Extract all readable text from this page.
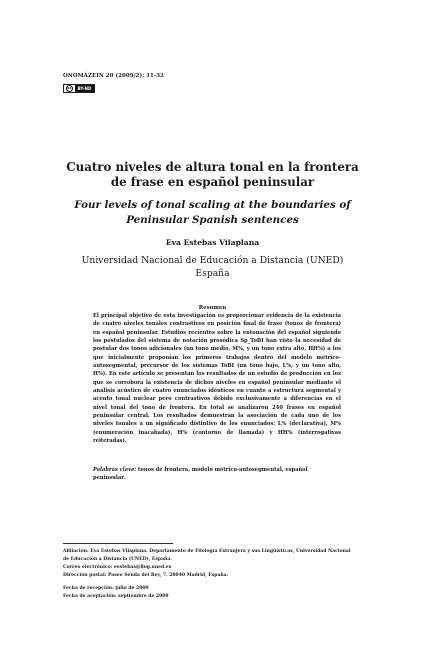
ONOMÁZEIN 20 (2009/2): 11-32
cc	BY-ND
Cuatro niveles de altura tonal en la frontera de frase en español peninsular
Four levels of tonal scaling at the boundaries of Peninsular Spanish sentences
Eva Estebas Vilaplana
Universidad Nacional de Educación a Distancia (UNED)
España
Resumen

El principal objetivo de esta investigación es proporcionar evidencia de la existencia de cuatro niveles tonales contrastivos en posición final de frase (tonos de frontera) en español peninsular. Estudios recientes sobre la entonación del español siguiendo los postulados del sistema de notación prosódica Sp_ToBI han visto la necesidad de postular dos tonos adicionales (un tono medio, M%, y un tono extra alto, HH%) a los que inicialmente proponían los primeros trabajos dentro del modelo métrico-autosegmental, precursor de los sistemas ToBI (un tono bajo, L%, y un tono alto, H%). En este artículo se presentan los resultados de un estudio de producción en los que se corrobora la existencia de dichos niveles en español peninsular mediante el análisis acústico de cuatro enunciados idénticos en cuanto a estructura segmental y acento tonal nuclear pero contrastivos debido exclusivamente a diferencias en el nivel tonal del tono de frontera. En total se analizaron 240 frases en español peninsular central. Los resultados demuestran la asociación de cada uno de los niveles tonales a un significado distintivo de los enunciados: L% (declarativa), M% (enumeración inacabada), H% (contorno de llamada) y HH% (interrogativas reiteradas).

Palabras clave: tonos de frontera, modelo métrico-autosegmental, español peninsular.

Afiliación: Eva Estebas Vilaplana. Departamento de Filología Extranjera y sus Lingüísticas, Universidad Nacional de Educación a Distancia (UNED), España.
Correo electrónico: eestebas@flog.uned.es
Dirección postal: Paseo Senda del Rey, 7. 28040 Madrid, España.
Fecha de recepción: julio de 2009
Fecha de aceptación: septiembre de 2009
